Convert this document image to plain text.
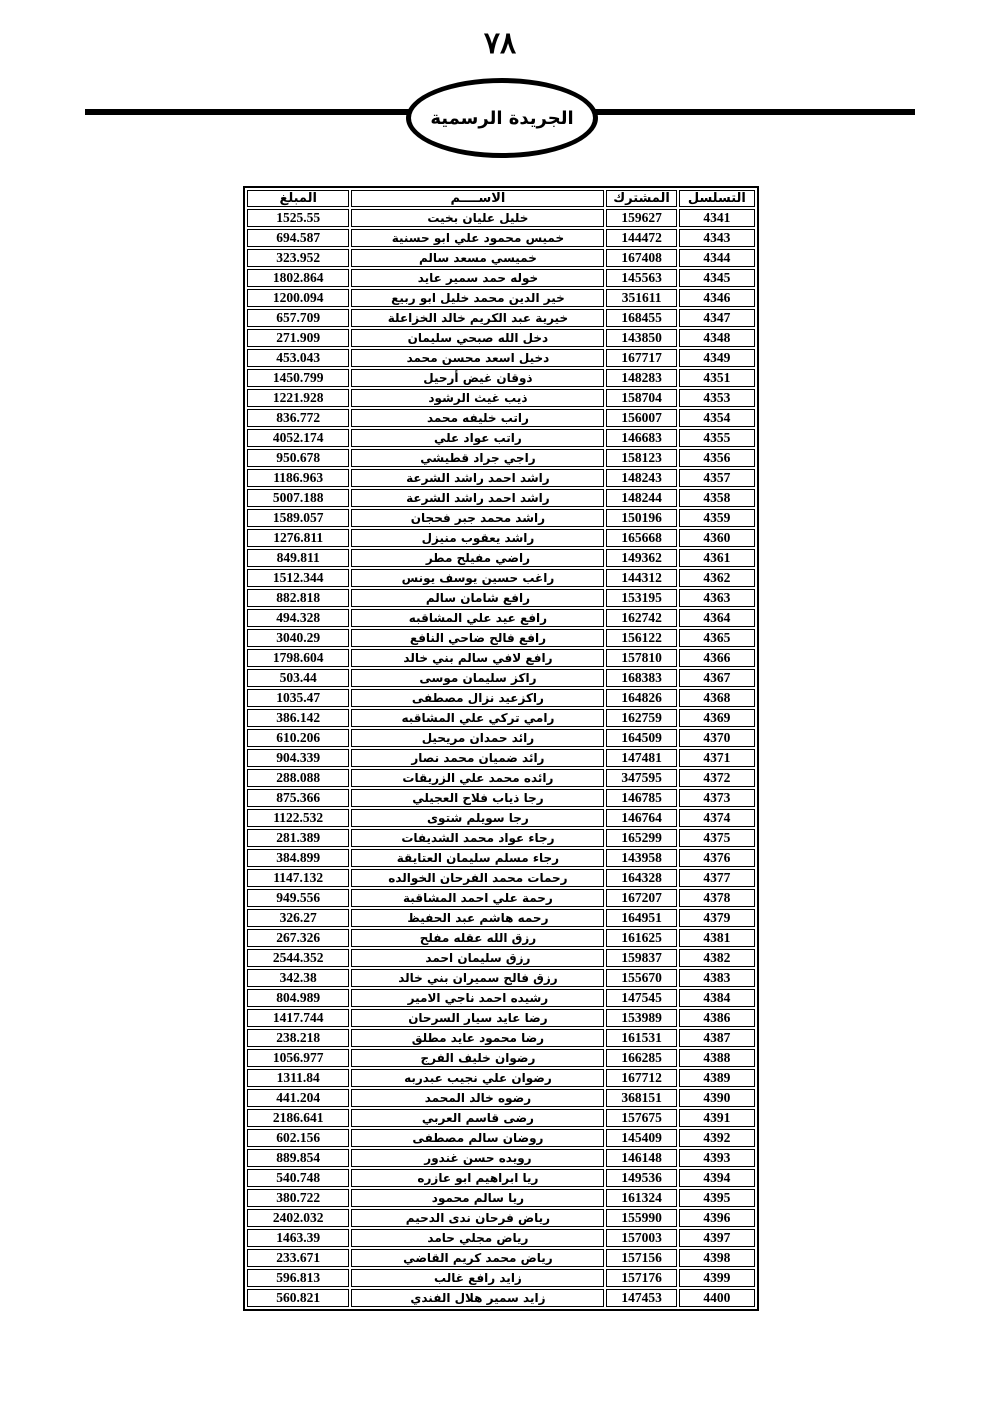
٧٨
الجريدة الرسمية
التسلسل	المشترك	الاســــم	المبلغ
4341	159627	خليل عليان بخيت	1525.55
4343	144472	خميس محمود علي ابو حسنية	694.587
4344	167408	خميسي مسعد سالم	323.952
4345	145563	خوله حمد سمير عايد	1802.864
4346	351611	خير الدين محمد خليل ابو ربيع	1200.094
4347	168455	خيرية عبد الكريم خالد الخزاعلة	657.709
4348	143850	دخل الله صبحي سليمان	271.909
4349	167717	دخيل اسعد محسن محمد	453.043
4351	148283	ذوقان غيض أرحيل	1450.799
4353	158704	ذيب غيث الرشود	1221.928
4354	156007	راتب خليفه محمد	836.772
4355	146683	راتب عواد علي	4052.174
4356	158123	راجي جراد قطيشي	950.678
4357	148243	راشد احمد راشد الشرعة	1186.963
4358	148244	راشد احمد راشد الشرعة	5007.188
4359	150196	راشد محمد جبر فحجان	1589.057
4360	165668	راشد يعقوب منيزل	1276.811
4361	149362	راضي مفيلح مطر	849.811
4362	144312	راغب حسين يوسف يونس	1512.344
4363	153195	رافع شامان سالم	882.818
4364	162742	رافع عيد علي المشاقبه	494.328
4365	156122	رافع فالح ضاحي النافع	3040.29
4366	157810	رافع لافي سالم بني خالد	1798.604
4367	168383	راكز سليمان موسى	503.44
4368	164826	راكزعيد نزال مصطفى	1035.47
4369	162759	رامي تركي علي المشاقبه	386.142
4370	164509	رائد حمدان مريحيل	610.206
4371	147481	رائد ضميان محمد نصار	904.339
4372	347595	رائده محمد علي الزريقات	288.088
4373	146785	رجا ذياب فلاح العجيلي	875.366
4374	146764	رجا سويلم شتوى	1122.532
4375	165299	رجاء عواد محمد الشديفات	281.389
4376	143958	رجاء مسلم سليمان العتايقة	384.899
4377	164328	رحمات محمد الفرحان الخوالده	1147.132
4378	167207	رحمة علي احمد المشاقبة	949.556
4379	164951	رحمه هاشم عبد الحفيظ	326.27
4381	161625	رزق الله عقله مفلح	267.326
4382	159837	رزق سليمان احمد	2544.352
4383	155670	رزق فالح سميران بني خالد	342.38
4384	147545	رشيده احمد ناجي الامير	804.989
4386	153989	رضا عايد سيار السرحان	1417.744
4387	161531	رضا محمود عايد مطلق	238.218
4388	166285	رضوان خليف الفرج	1056.977
4389	167712	رضوان علي نجيب عبدربه	1311.84
4390	368151	رضوه خالد المحمد	441.204
4391	157675	رضى قاسم العربي	2186.641
4392	145409	روضان سالم مصطفى	602.156
4393	146148	رويده حسن غندور	889.854
4394	149536	ريا ابراهيم ابو عازره	540.748
4395	161324	ريا سالم محمود	380.722
4396	155990	رياض فرحان ندى الدحيم	2402.032
4397	157003	رياض مجلي حامد	1463.39
4398	157156	رياض محمد كريم القاضي	233.671
4399	157176	زايد رافع غالب	596.813
4400	147453	زايد سمير هلال الفندي	560.821
